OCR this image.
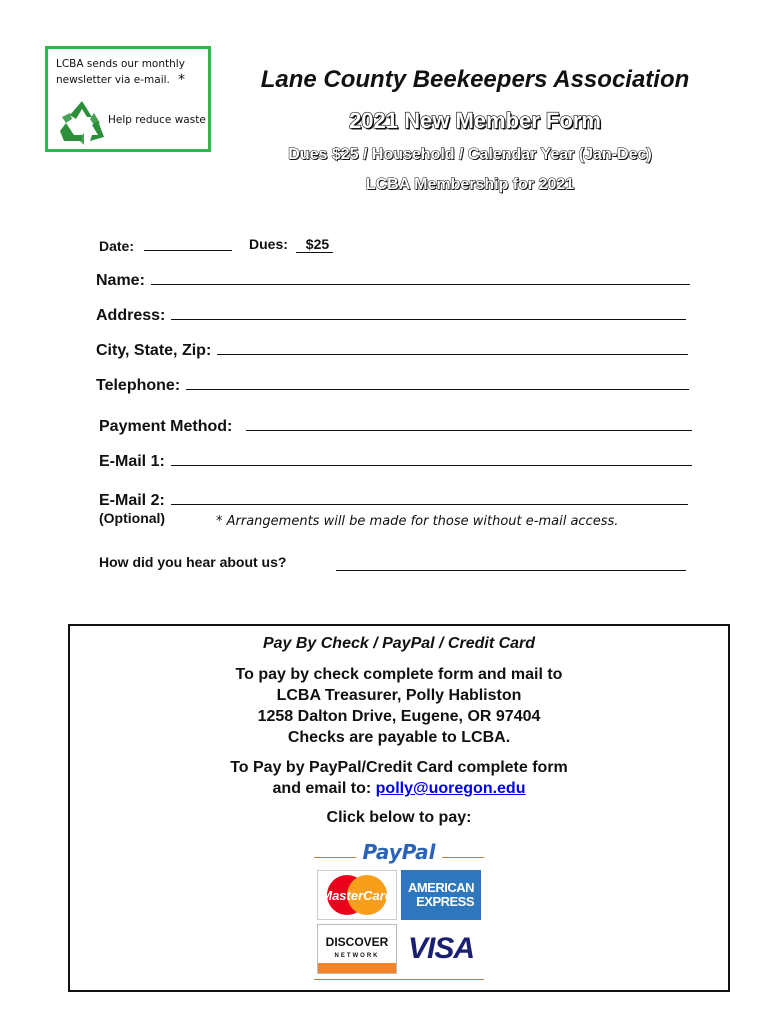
LCBA sends our monthly
newsletter via e-mail. *
Help reduce waste
Lane County Beekeepers Association
2021 New Member Form
Dues $25 / Household / Calendar Year (Jan-Dec)
LCBA Membership for 2021
Date:	Dues: $25
Name:
Address:
City, State, Zip:
Telephone:
Payment Method:
E-Mail 1:
E-Mail 2:
(Optional)	* Arrangements will be made for those without e-mail access.
How did you hear about us?
Pay By Check / PayPal / Credit Card
To pay by check complete form and mail to
LCBA Treasurer, Polly Habliston
1258 Dalton Drive, Eugene, OR 97404
Checks are payable to LCBA.
To Pay by PayPal/Credit Card complete form
and email to: polly@uoregon.edu
Click below to pay:
PayPal
MasterCard
AMERICAN
EXPRESS
DISCOVER
NETWORK VISA
